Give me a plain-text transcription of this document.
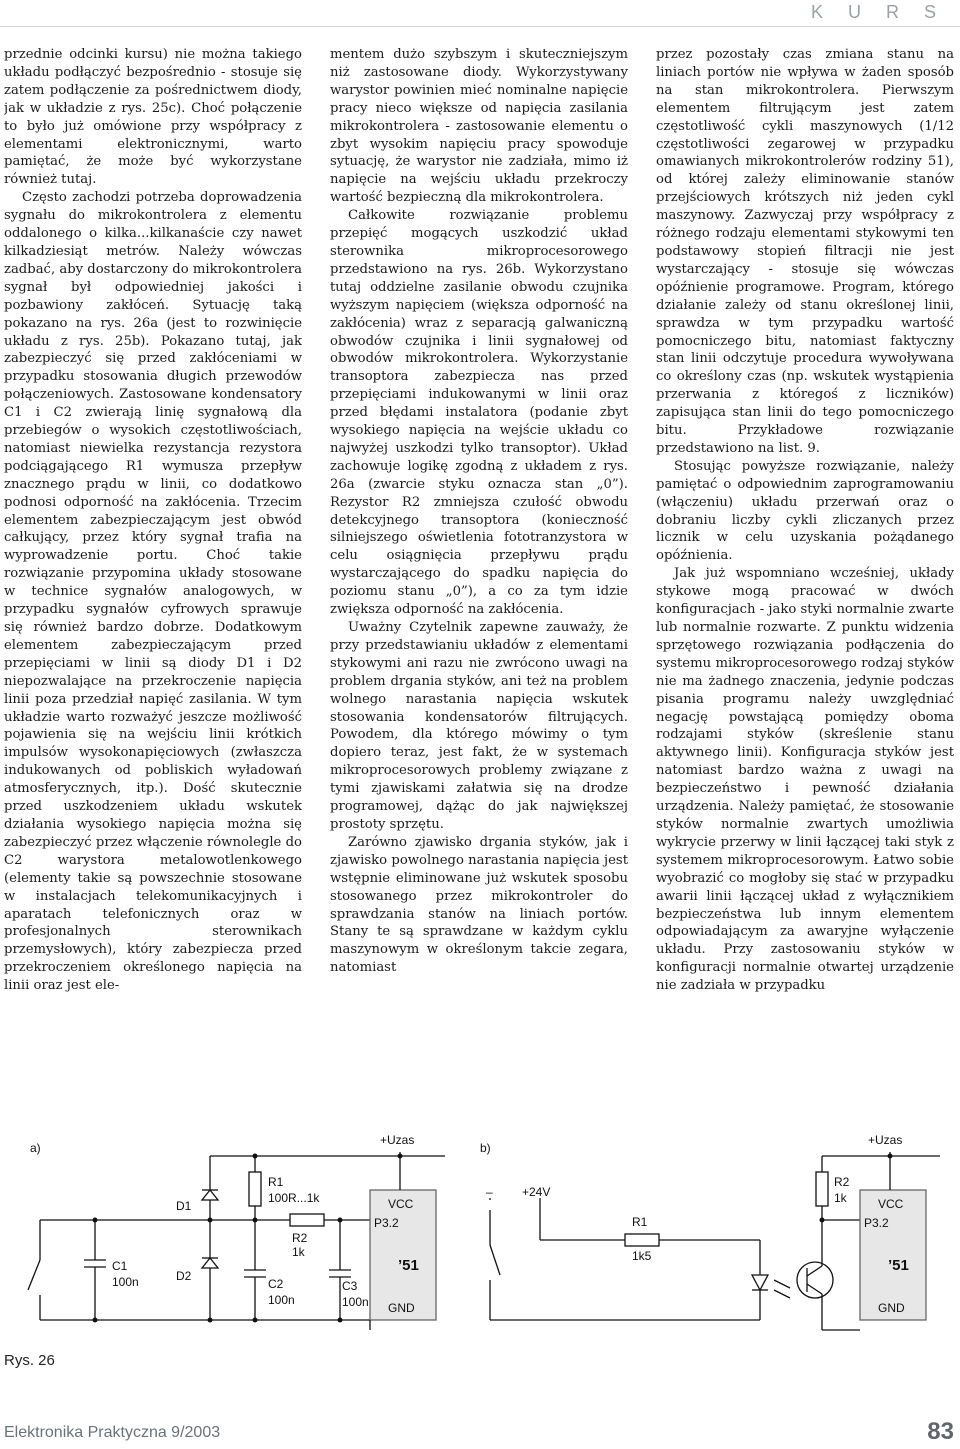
K U R S

przednie odcinki kursu) nie można takiego układu podłączyć bezpośrednio - stosuje się zatem podłączenie za pośrednictwem diody, jak w układzie z rys. 25c). Choć połączenie to było już omówione przy współpracy z elementami elektronicznymi, warto pamiętać, że może być wykorzystane również tutaj.

Często zachodzi potrzeba doprowadzenia sygnału do mikrokontrolera z elementu oddalonego o kilka...kilkanaście czy nawet kilkadziesiąt metrów. Należy wówczas zadbać, aby dostarczony do mikrokontrolera sygnał był odpowiedniej jakości i pozbawiony zakłóceń. Sytuację taką pokazano na rys. 26a (jest to rozwinięcie układu z rys. 25b). Pokazano tutaj, jak zabezpieczyć się przed zakłóceniami w przypadku stosowania długich przewodów połączeniowych. Zastosowane kondensatory C1 i C2 zwierają linię sygnałową dla przebiegów o wysokich częstotliwościach, natomiast niewielka rezystancja rezystora podciągającego R1 wymusza przepływ znacznego prądu w linii, co dodatkowo podnosi odporność na zakłócenia. Trzecim elementem zabezpieczającym jest obwód całkujący, przez który sygnał trafia na wyprowadzenie portu. Choć takie rozwiązanie przypomina układy stosowane w technice sygnałów analogowych, w przypadku sygnałów cyfrowych sprawuje się również bardzo dobrze. Dodatkowym elementem zabezpieczającym przed przepięciami w linii są diody D1 i D2 niepozwalające na przekroczenie napięcia linii poza przedział napięć zasilania. W tym układzie warto rozważyć jeszcze możliwość pojawienia się na wejściu linii krótkich impulsów wysokonapięciowych (zwłaszcza indukowanych od pobliskich wyładowań atmosferycznych, itp.). Dość skutecznie przed uszkodzeniem układu wskutek działania wysokiego napięcia można się zabezpieczyć przez włączenie równolegle do C2 warystora metalowotlenkowego (elementy takie są powszechnie stosowane w instalacjach telekomunikacyjnych i aparatach telefonicznych oraz w profesjonalnych sterownikach przemysłowych), który zabezpiecza przed przekroczeniem określonego napięcia na linii oraz jest ele-

mentem dużo szybszym i skuteczniejszym niż zastosowane diody. Wykorzystywany warystor powinien mieć nominalne napięcie pracy nieco większe od napięcia zasilania mikrokontrolera - zastosowanie elementu o zbyt wysokim napięciu pracy spowoduje sytuację, że warystor nie zadziała, mimo iż napięcie na wejściu układu przekroczy wartość bezpieczną dla mikrokontrolera.

Całkowite rozwiązanie problemu przepięć mogących uszkodzić układ sterownika mikroprocesorowego przedstawiono na rys. 26b. Wykorzystano tutaj oddzielne zasilanie obwodu czujnika wyższym napięciem (większa odporność na zakłócenia) wraz z separacją galwaniczną obwodów czujnika i linii sygnałowej od obwodów mikrokontrolera. Wykorzystanie transoptora zabezpiecza nas przed przepięciami indukowanymi w linii oraz przed błędami instalatora (podanie zbyt wysokiego napięcia na wejście układu co najwyżej uszkodzi tylko transoptor). Układ zachowuje logikę zgodną z układem z rys. 26a (zwarcie styku oznacza stan „0”). Rezystor R2 zmniejsza czułość obwodu detekcyjnego transoptora (konieczność silniejszego oświetlenia fototranzystora w celu osiągnięcia przepływu prądu wystarczającego do spadku napięcia do poziomu stanu „0”), a co za tym idzie zwiększa odporność na zakłócenia.

Uważny Czytelnik zapewne zauważy, że przy przedstawianiu układów z elementami stykowymi ani razu nie zwrócono uwagi na problem drgania styków, ani też na problem wolnego narastania napięcia wskutek stosowania kondensatorów filtrujących. Powodem, dla którego mówimy o tym dopiero teraz, jest fakt, że w systemach mikroprocesorowych problemy związane z tymi zjawiskami załatwia się na drodze programowej, dążąc do jak największej prostoty sprzętu.

Zarówno zjawisko drgania styków, jak i zjawisko powolnego narastania napięcia jest wstępnie eliminowane już wskutek sposobu stosowanego przez mikrokontroler do sprawdzania stanów na liniach portów. Stany te są sprawdzane w każdym cyklu maszynowym w określonym takcie zegara, natomiast

przez pozostały czas zmiana stanu na liniach portów nie wpływa w żaden sposób na stan mikrokontrolera. Pierwszym elementem filtrującym jest zatem częstotliwość cykli maszynowych (1/12 częstotliwości zegarowej w przypadku omawianych mikrokontrolerów rodziny 51), od której zależy eliminowanie stanów przejściowych krótszych niż jeden cykl maszynowy. Zazwyczaj przy współpracy z różnego rodzaju elementami stykowymi ten podstawowy stopień filtracji nie jest wystarczający - stosuje się wówczas opóźnienie programowe. Program, którego działanie zależy od stanu określonej linii, sprawdza w tym przypadku wartość pomocniczego bitu, natomiast faktyczny stan linii odczytuje procedura wywoływana co określony czas (np. wskutek wystąpienia przerwania z któregoś z liczników) zapisująca stan linii do tego pomocniczego bitu. Przykładowe rozwiązanie przedstawiono na list. 9.

Stosując powyższe rozwiązanie, należy pamiętać o odpowiednim zaprogramowaniu (włączeniu) układu przerwań oraz o dobraniu liczby cykli zliczanych przez licznik w celu uzyskania pożądanego opóźnienia.

Jak już wspomniano wcześniej, układy stykowe mogą pracować w dwóch konfiguracjach - jako styki normalnie zwarte lub normalnie rozwarte. Z punktu widzenia sprzętowego rozwiązania podłączenia do systemu mikroprocesorowego rodzaj styków nie ma żadnego znaczenia, jedynie podczas pisania programu należy uwzględniać negację powstającą pomiędzy oboma rodzajami styków (skreślenie stanu aktywnego linii). Konfiguracja styków jest natomiast bardzo ważna z uwagi na bezpieczeństwo i pewność działania urządzenia. Należy pamiętać, że stosowanie styków normalnie zwartych umożliwia wykrycie przerwy w linii łączącej taki styk z systemem mikroprocesorowym. Łatwo sobie wyobrazić co mogłoby się stać w przypadku awarii linii łączącej układ z wyłącznikiem bezpieczeństwa lub innym elementem odpowiadającym za awaryjne wyłączenie układu. Przy zastosowaniu styków w konfiguracji normalnie otwartej urządzenie nie zadziała w przypadku

a)
+Uzas
D1
D2
R1
100R...1k
R2
1k
C1
100n	C2
100n
C3
100n
VCC
P3.2
’51
GND
b)
– +24V
+Uzas
R1
1k5
R2
1k	VCC
P3.2
’51
GND
Rys. 26
Elektronika Praktyczna 9/2003	83
